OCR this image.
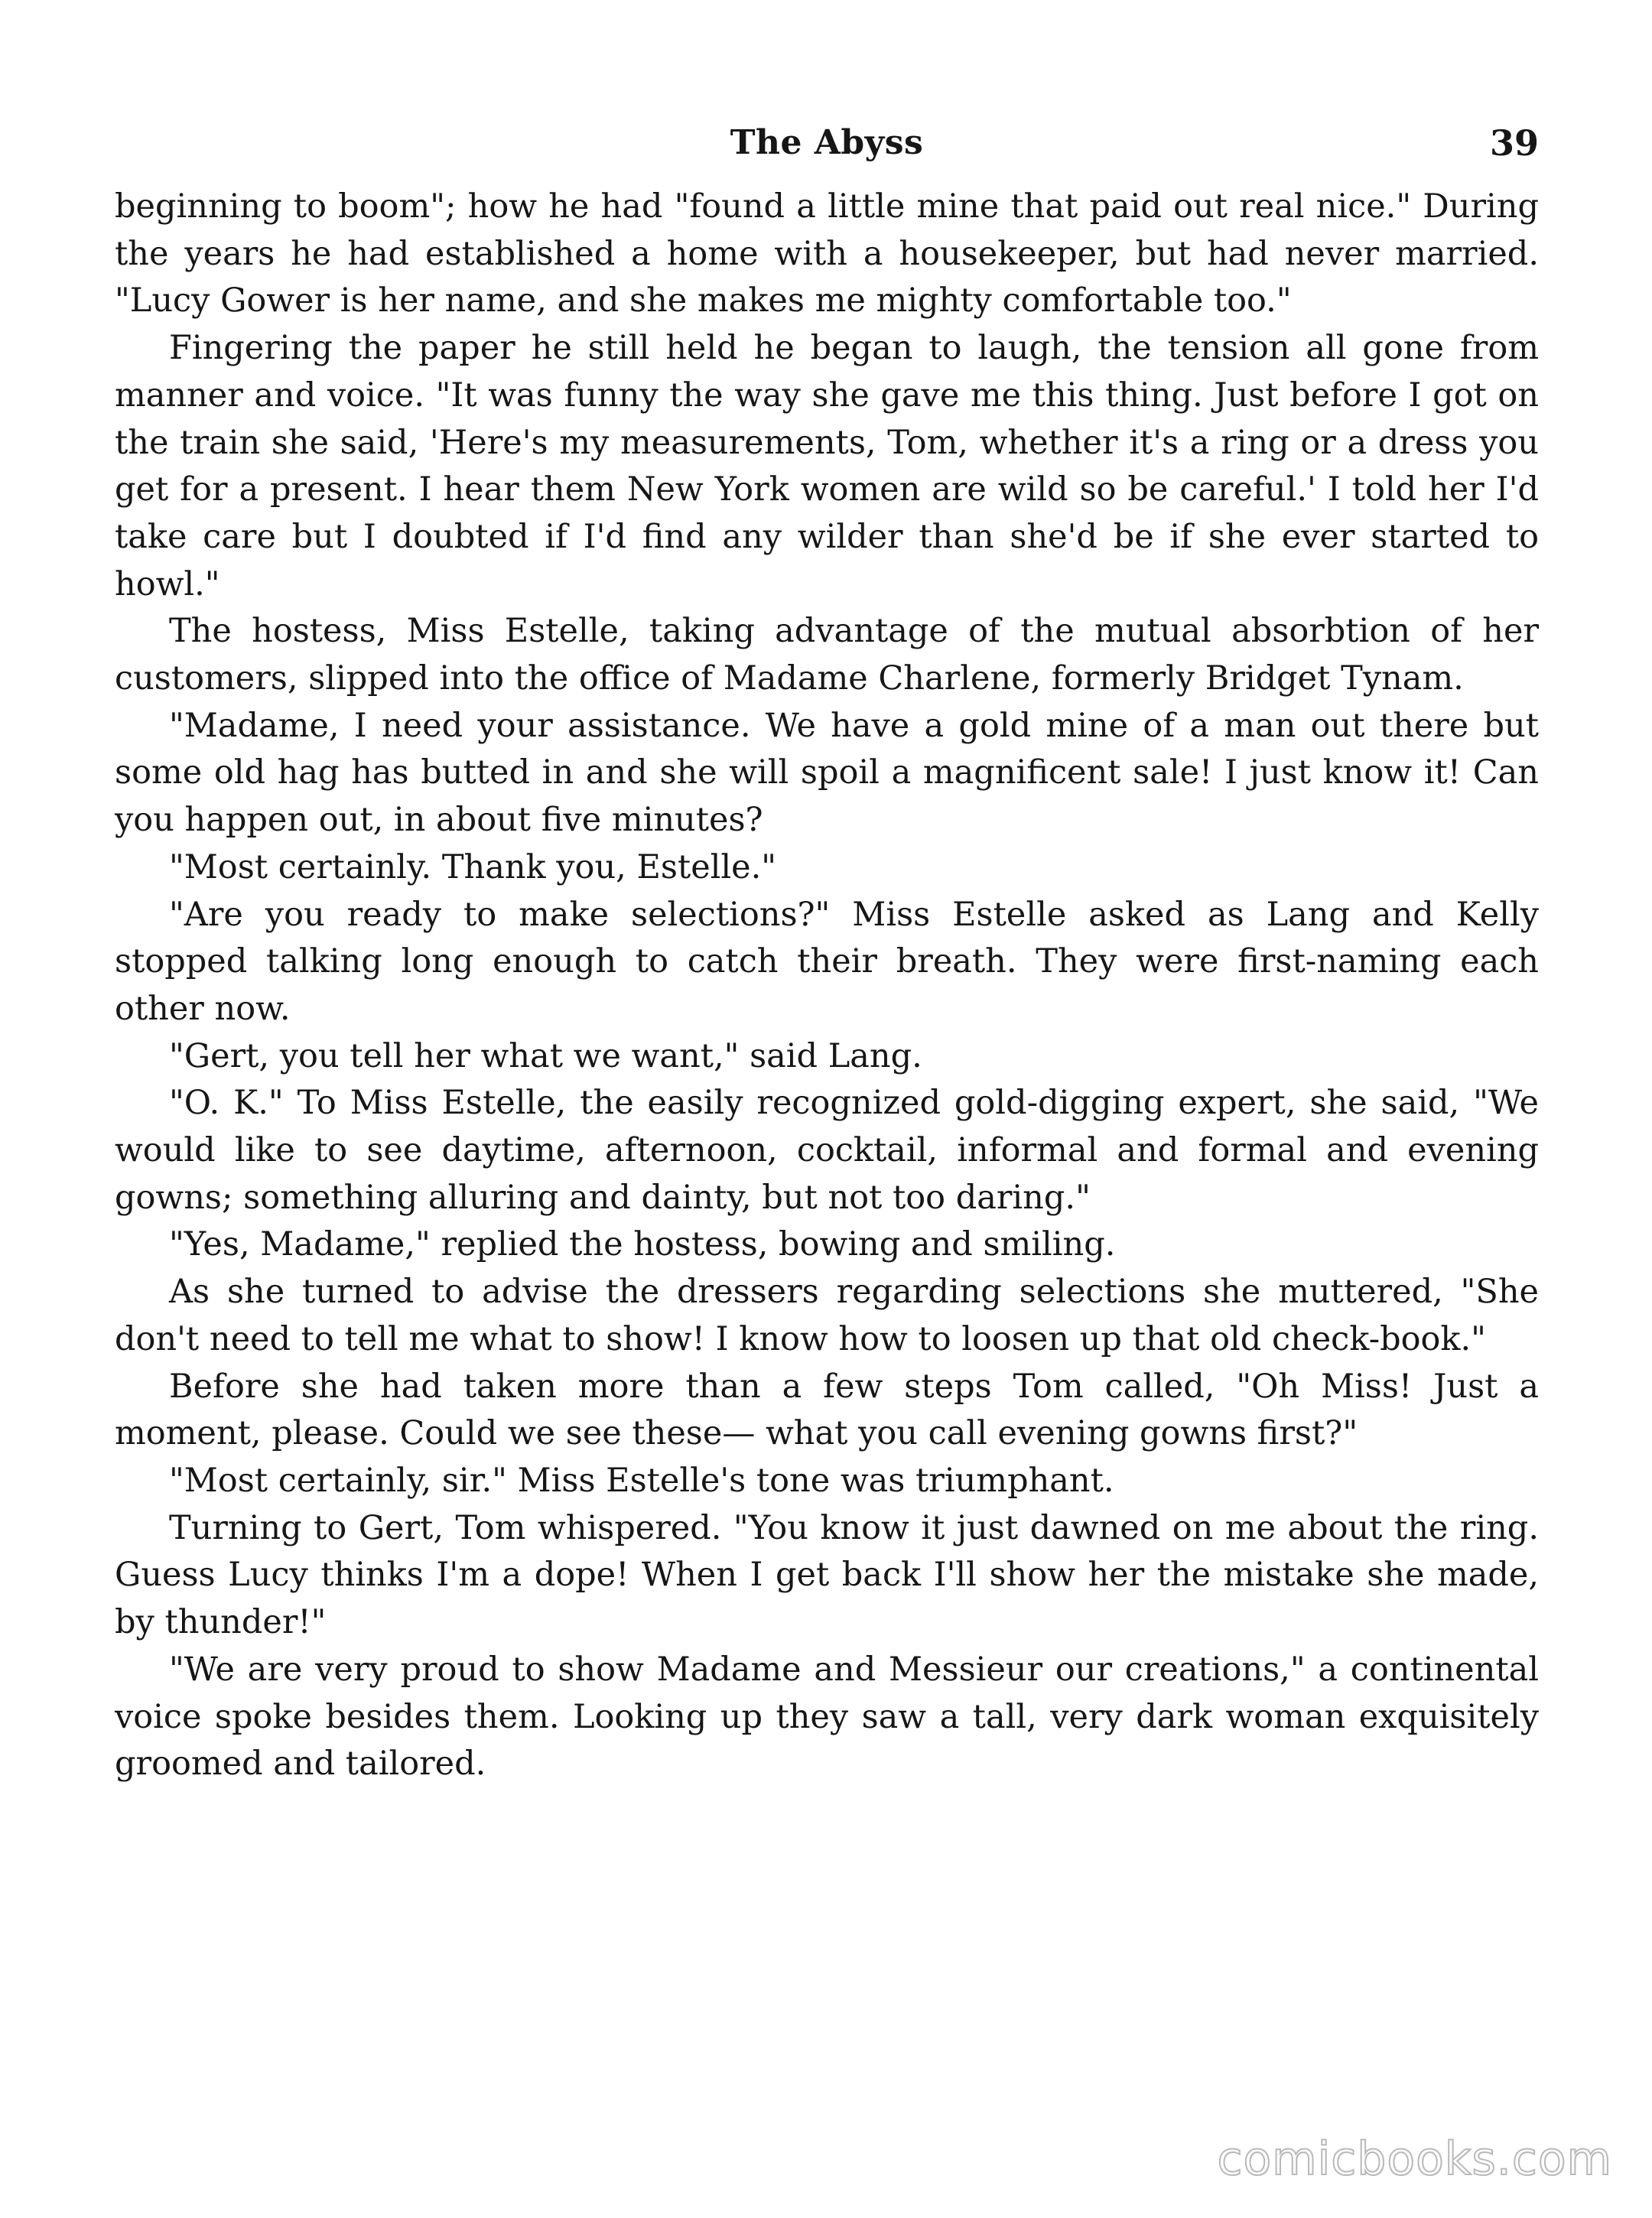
The Abyss	39

beginning to boom"; how he had "found a little mine that paid out real nice." During the years he had established a home with a housekeeper, but had never married. "Lucy Gower is her name, and she makes me mighty comfortable too."

Fingering the paper he still held he began to laugh, the tension all gone from manner and voice. "It was funny the way she gave me this thing. Just before I got on the train she said, 'Here's my measurements, Tom, whether it's a ring or a dress you get for a present. I hear them New York women are wild so be careful.' I told her I'd take care but I doubted if I'd find any wilder than she'd be if she ever started to howl."

The hostess, Miss Estelle, taking advantage of the mutual absorbtion of her customers, slipped into the office of Madame Charlene, formerly Bridget Tynam.

"Madame, I need your assistance. We have a gold mine of a man out there but some old hag has butted in and she will spoil a magnificent sale! I just know it! Can you happen out, in about five minutes?

"Most certainly. Thank you, Estelle."

"Are you ready to make selections?" Miss Estelle asked as Lang and Kelly stopped talking long enough to catch their breath. They were first-naming each other now.

"Gert, you tell her what we want," said Lang.

"O. K." To Miss Estelle, the easily recognized gold-digging expert, she said, "We would like to see daytime, afternoon, cocktail, informal and formal and evening gowns; something alluring and dainty, but not too daring."

"Yes, Madame," replied the hostess, bowing and smiling.

As she turned to advise the dressers regarding selections she muttered, "She don't need to tell me what to show! I know how to loosen up that old check-book."

Before she had taken more than a few steps Tom called, "Oh Miss! Just a moment, please. Could we see these— what you call evening gowns first?"

"Most certainly, sir." Miss Estelle's tone was triumphant.

Turning to Gert, Tom whispered. "You know it just dawned on me about the ring. Guess Lucy thinks I'm a dope! When I get back I'll show her the mistake she made, by thunder!"

"We are very proud to show Madame and Messieur our creations," a continental voice spoke besides them. Looking up they saw a tall, very dark woman exquisitely groomed and tailored.

comicbooks.com
